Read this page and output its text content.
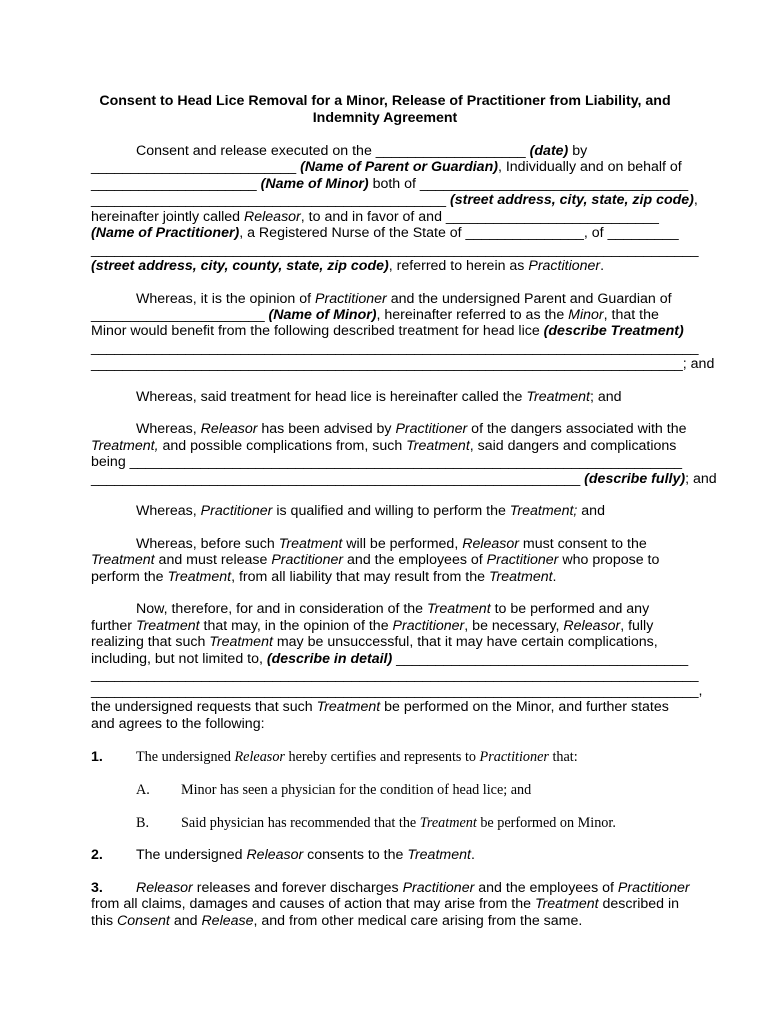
Consent to Head Lice Removal for a Minor, Release of Practitioner from Liability, and
Indemnity Agreement
Consent and release executed on the ___________________ (date) by
__________________________ (Name of Parent or Guardian), Individually and on behalf of
_____________________ (Name of Minor) both of __________________________________
_____________________________________________ (street address, city, state, zip code),
hereinafter jointly called Releasor, to and in favor of and ___________________________
(Name of Practitioner), a Registered Nurse of the State of _______________, of _________
_____________________________________________________________________________
(street address, city, county, state, zip code), referred to herein as Practitioner.
Whereas, it is the opinion of Practitioner and the undersigned Parent and Guardian of
______________________ (Name of Minor), hereinafter referred to as the Minor, that the
Minor would benefit from the following described treatment for head lice (describe Treatment)
_____________________________________________________________________________
___________________________________________________________________________; and
Whereas, said treatment for head lice is hereinafter called the Treatment; and
Whereas, Releasor has been advised by Practitioner of the dangers associated with the
Treatment, and possible complications from, such Treatment, said dangers and complications
being ______________________________________________________________________
______________________________________________________________ (describe fully); and
Whereas, Practitioner is qualified and willing to perform the Treatment; and
Whereas, before such Treatment will be performed, Releasor must consent to the
Treatment and must release Practitioner and the employees of Practitioner who propose to
perform the Treatment, from all liability that may result from the Treatment.
Now, therefore, for and in consideration of the Treatment to be performed and any
further Treatment that may, in the opinion of the Practitioner, be necessary, Releasor, fully
realizing that such Treatment may be unsuccessful, that it may have certain complications,
including, but not limited to, (describe in detail) _____________________________________
_____________________________________________________________________________
_____________________________________________________________________________,
the undersigned requests that such Treatment be performed on the Minor, and further states
and agrees to the following:
1. The undersigned Releasor hereby certifies and represents to Practitioner that:
A. Minor has seen a physician for the condition of head lice; and
B. Said physician has recommended that the Treatment be performed on Minor.
2. The undersigned Releasor consents to the Treatment.
3. Releasor releases and forever discharges Practitioner and the employees of Practitioner
from all claims, damages and causes of action that may arise from the Treatment described in
this Consent and Release, and from other medical care arising from the same.
